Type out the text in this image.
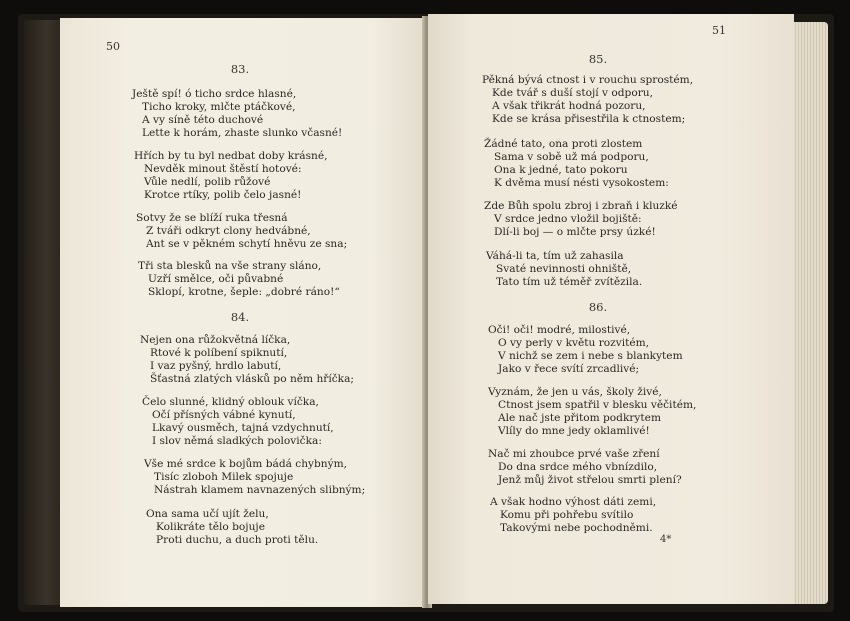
50
83.
Ještě spí! ó ticho srdce hlasné,
Ticho kroky, mlčte ptáčkové,
A vy síně této duchové
Lette k horám, zhaste slunko včasné!
Hřích by tu byl nedbat doby krásné,
Nevděk minout štěstí hotové:
Vůle nedlí, polib růžové
Krotce rtíky, polib čelo jasné!
Sotvy že se blíží ruka třesná
Z tváři odkryt clony hedvábné,
Ant se v pěkném schytí hněvu ze sna;
Tři sta blesků na vše strany sláno,
Uzří smělce, oči půvabné
Sklopí, krotne, šeple: „dobré ráno!“
84.
Nejen ona růžokvětná líčka,
Rtové k políbení spiknutí,
I vaz pyšný, hrdlo labutí,
Šťastná zlatých vlásků po něm hříčka;
Čelo slunné, klidný oblouk víčka,
Očí přísných vábné kynutí,
Lkavý ousměch, tajná vzdychnutí,
I slov němá sladkých polovička:
Vše mé srdce k bojům bádá chybným,
Tisíc zloboh Milek spojuje
Nástrah klamem navnazených slibným;
Ona sama učí ujít želu,
Kolikráte tělo bojuje
Proti duchu, a duch proti tělu.
51
85.
Pěkná bývá ctnost i v rouchu sprostém,
Kde tvář s duší stojí v odporu,
A však třikrát hodná pozoru,
Kde se krása přisestřila k ctnostem;
Žádné tato, ona proti zlostem
Sama v sobě už má podporu,
Ona k jedné, tato pokoru
K dvěma musí nésti vysokostem:
Zde Bůh spolu zbroj i zbraň i kluzké
V srdce jedno vložil bojiště:
Dlí-li boj — o mlčte prsy úzké!
Váhá-li ta, tím už zahasila
Svaté nevinnosti ohniště,
Tato tím už téměř zvítězila.
86.
Oči! oči! modré, milostivé,
O vy perly v květu rozvitém,
V nichž se zem i nebe s blankytem
Jako v řece svítí zrcadlivé;
Vyznám, že jen u vás, školy živé,
Ctnost jsem spatřil v blesku věčitém,
Ale nač jste přitom podkrytem
Vlíly do mne jedy oklamlivé!
Nač mi zhoubce prvé vaše zření
Do dna srdce mého vbnízdilo,
Jenž můj život střelou smrti plení?
A však hodno výhost dáti zemi,
Komu při pohřebu svítilo
Takovými nebe pochodněmi.
4*
